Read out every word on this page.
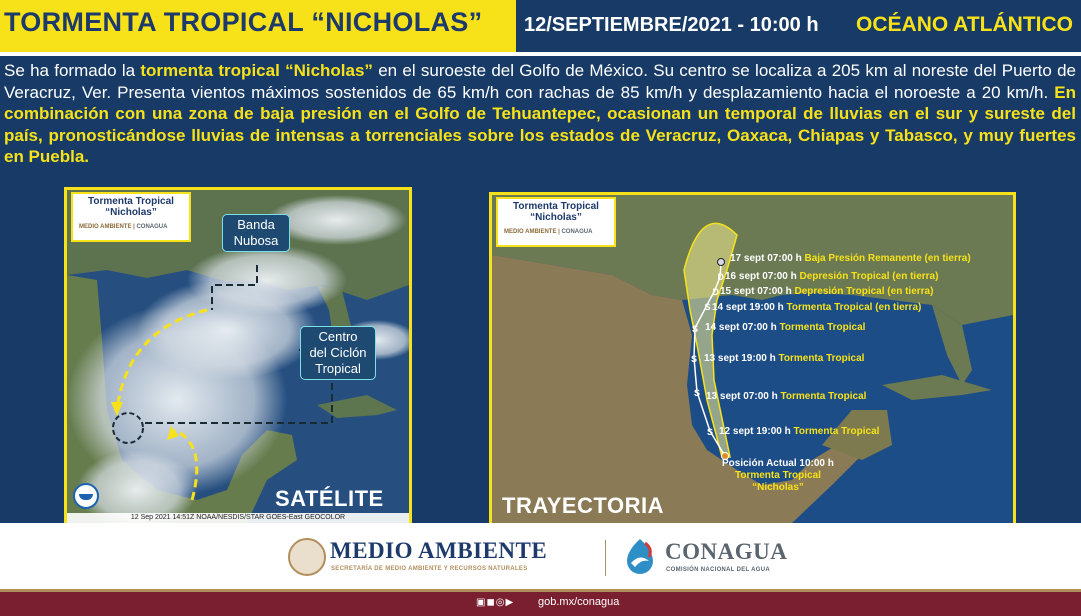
TORMENTA TROPICAL “NICHOLAS” 12/SEPTIEMBRE/2021 - 10:00 h OCÉANO ATLÁNTICO
Se ha formado la tormenta tropical “Nicholas” en el suroeste del Golfo de México. Su centro se localiza a 205 km al noreste del Puerto de Veracruz, Ver. Presenta vientos máximos sostenidos de 65 km/h con rachas de 85 km/h y desplazamiento hacia el noroeste a 20 km/h. En combinación con una zona de baja presión en el Golfo de Tehuantepec, ocasionan un temporal de lluvias en el sur y sureste del país, pronosticándose lluvias de intensas a torrenciales sobre los estados de Veracruz, Oaxaca, Chiapas y Tabasco, y muy fuertes en Puebla.
Tormenta Tropical
“Nicholas”
MEDIO AMBIENTE | CONAGUA	Banda
Nubosa
Centro
del Ciclón
Tropical
SATÉLITE
12 Sep 2021 14:51Z NOAA/NESDIS/STAR GOES-East GEOCOLOR
D
D
S
S
S
S
S
Tormenta Tropical
“Nicholas”
MEDIO AMBIENTE | CONAGUA
17 sept 07:00 h Baja Presión Remanente (en tierra)
16 sept 07:00 h Depresión Tropical (en tierra)
15 sept 07:00 h Depresión Tropical (en tierra)
14 sept 19:00 h Tormenta Tropical (en tierra)
14 sept 07:00 h Tormenta Tropical
13 sept 19:00 h Tormenta Tropical
13 sept 07:00 h Tormenta Tropical
12 sept 19:00 h Tormenta Tropical
Posición Actual 10:00 h
Tormenta Tropical
“Nicholas”
TRAYECTORIA
MEDIO AMBIENTE
SECRETARÍA DE MEDIO AMBIENTE Y RECURSOS NATURALES
CONAGUA
COMISIÓN NACIONAL DEL AGUA
▣◼◎▶ gob.mx/conagua
